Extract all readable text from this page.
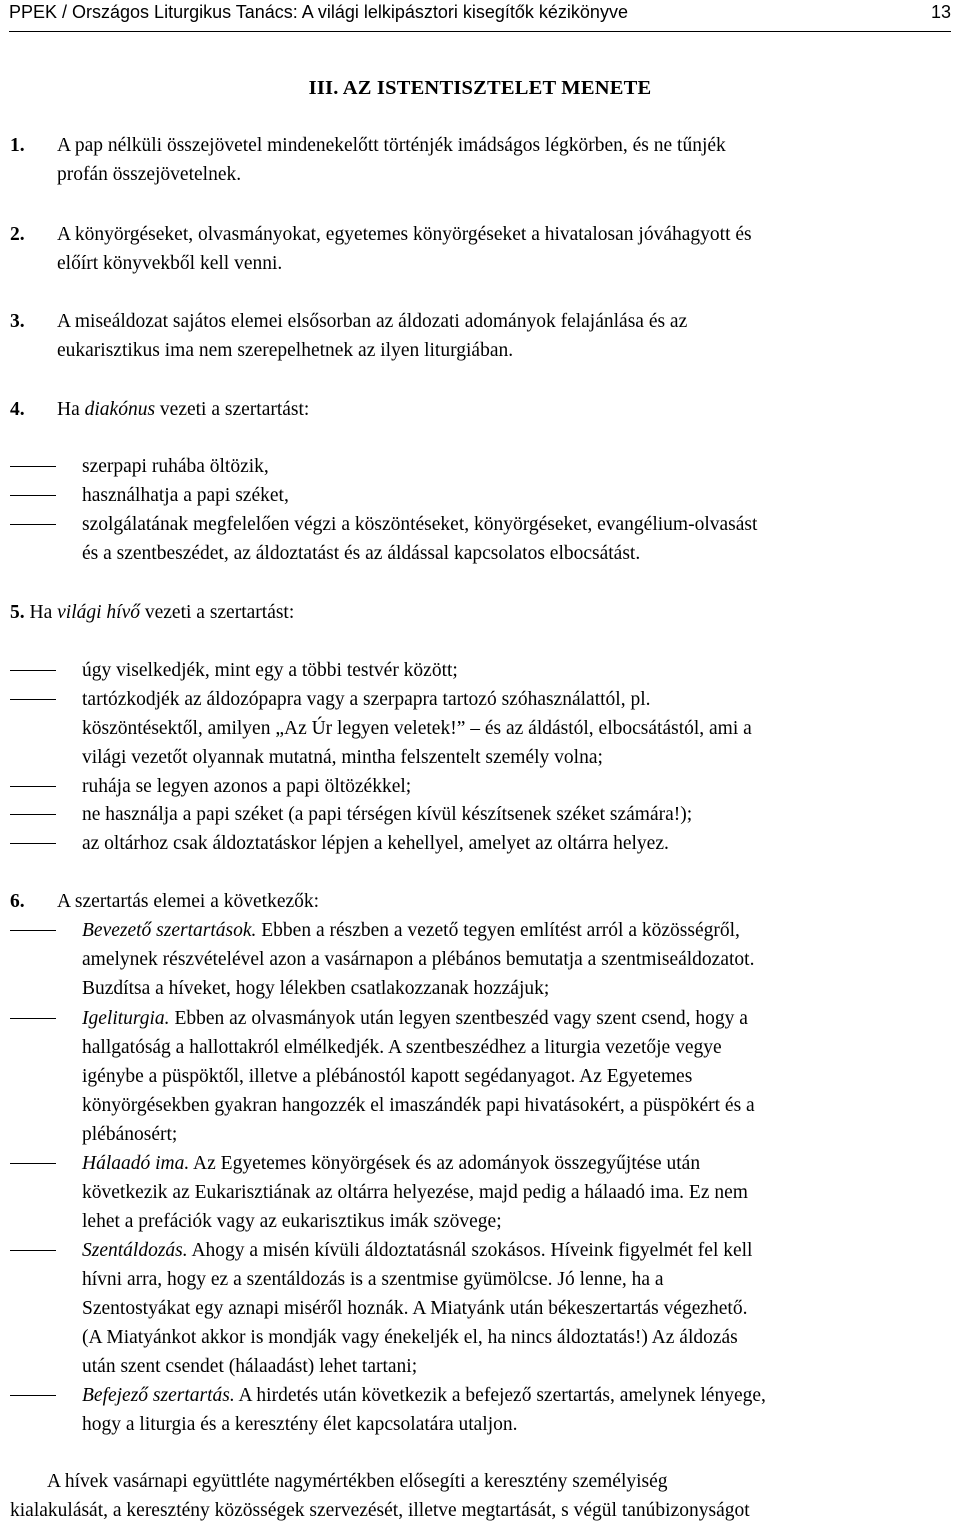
PPEK / Országos Liturgikus Tanács: A világi lelkipásztori kisegítők kézikönyve	13
III. AZ ISTENTISZTELET MENETE
1. A pap nélküli összejövetel mindenekelőtt történjék imádságos légkörben, és ne tűnjék
profán összejövetelnek.
2. A könyörgéseket, olvasmányokat, egyetemes könyörgéseket a hivatalosan jóváhagyott és
előírt könyvekből kell venni.
3. A miseáldozat sajátos elemei elsősorban az áldozati adományok felajánlása és az
eukarisztikus ima nem szerepelhetnek az ilyen liturgiában.
4. Ha diakónus vezeti a szertartást:
szerpapi ruhába öltözik,
használhatja a papi széket,
szolgálatának megfelelően végzi a köszöntéseket, könyörgéseket, evangélium-olvasást
és a szentbeszédet, az áldoztatást és az áldással kapcsolatos elbocsátást.
5. Ha világi hívő vezeti a szertartást:
úgy viselkedjék, mint egy a többi testvér között;
tartózkodjék az áldozópapra vagy a szerpapra tartozó szóhasználattól, pl.
köszöntésektől, amilyen „Az Úr legyen veletek!” – és az áldástól, elbocsátástól, ami a
világi vezetőt olyannak mutatná, mintha felszentelt személy volna;
ruhája se legyen azonos a papi öltözékkel;
ne használja a papi széket (a papi térségen kívül készítsenek széket számára!);
az oltárhoz csak áldoztatáskor lépjen a kehellyel, amelyet az oltárra helyez.
6. A szertartás elemei a következők:
Bevezető szertartások. Ebben a részben a vezető tegyen említést arról a közösségről,
amelynek részvételével azon a vasárnapon a plébános bemutatja a szentmiseáldozatot.
Buzdítsa a híveket, hogy lélekben csatlakozzanak hozzájuk;
Igeliturgia. Ebben az olvasmányok után legyen szentbeszéd vagy szent csend, hogy a
hallgatóság a hallottakról elmélkedjék. A szentbeszédhez a liturgia vezetője vegye
igénybe a püspöktől, illetve a plébánostól kapott segédanyagot. Az Egyetemes
könyörgésekben gyakran hangozzék el imaszándék papi hivatásokért, a püspökért és a
plébánosért;
Hálaadó ima. Az Egyetemes könyörgések és az adományok összegyűjtése után
következik az Eukarisztiának az oltárra helyezése, majd pedig a hálaadó ima. Ez nem
lehet a prefációk vagy az eukarisztikus imák szövege;
Szentáldozás. Ahogy a misén kívüli áldoztatásnál szokásos. Híveink figyelmét fel kell
hívni arra, hogy ez a szentáldozás is a szentmise gyümölcse. Jó lenne, ha a
Szentostyákat egy aznapi miséről hoznák. A Miatyánk után békeszertartás végezhető.
(A Miatyánkot akkor is mondják vagy énekeljék el, ha nincs áldoztatás!) Az áldozás
után szent csendet (hálaadást) lehet tartani;
Befejező szertartás. A hirdetés után következik a befejező szertartás, amelynek lényege,
hogy a liturgia és a keresztény élet kapcsolatára utaljon.
A hívek vasárnapi együttléte nagymértékben elősegíti a keresztény személyiség
kialakulását, a keresztény közösségek szervezését, illetve megtartását, s végül tanúbizonyságot
